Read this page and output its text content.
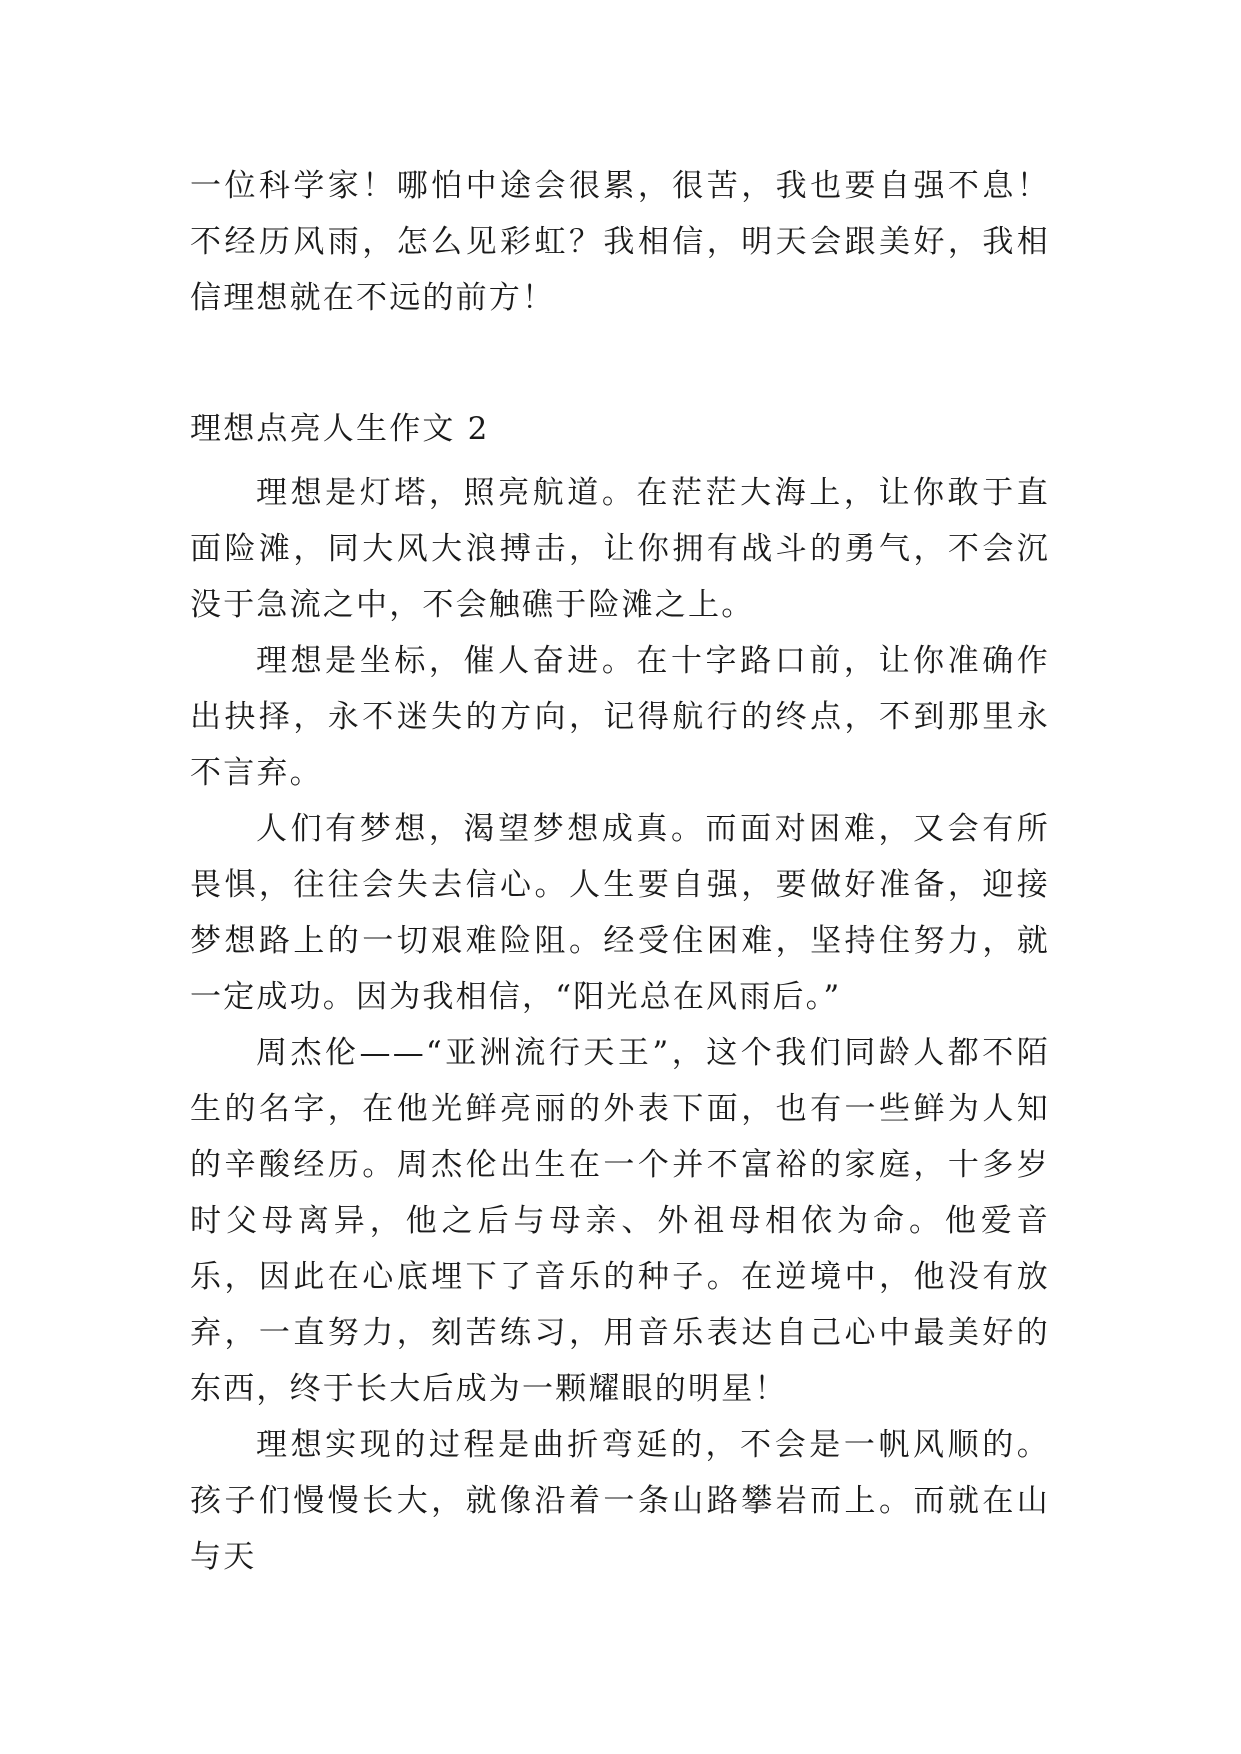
一位科学家！哪怕中途会很累，很苦，我也要自强不息！不经历风雨，怎么见彩虹？我相信，明天会跟美好，我相信理想就在不远的前方！

理想点亮人生作文 2

理想是灯塔，照亮航道。在茫茫大海上，让你敢于直面险滩，同大风大浪搏击，让你拥有战斗的勇气，不会沉没于急流之中，不会触礁于险滩之上。

理想是坐标，催人奋进。在十字路口前，让你准确作出抉择，永不迷失的方向，记得航行的终点，不到那里永不言弃。

人们有梦想，渴望梦想成真。而面对困难，又会有所畏惧，往往会失去信心。人生要自强，要做好准备，迎接梦想路上的一切艰难险阻。经受住困难，坚持住努力，就一定成功。因为我相信，“阳光总在风雨后。”

周杰伦——“亚洲流行天王”，这个我们同龄人都不陌生的名字，在他光鲜亮丽的外表下面，也有一些鲜为人知的辛酸经历。周杰伦出生在一个并不富裕的家庭，十多岁时父母离异，他之后与母亲、外祖母相依为命。他爱音乐，因此在心底埋下了音乐的种子。在逆境中，他没有放弃，一直努力，刻苦练习，用音乐表达自己心中最美好的东西，终于长大后成为一颗耀眼的明星！

理想实现的过程是曲折弯延的，不会是一帆风顺的。孩子们慢慢长大，就像沿着一条山路攀岩而上。而就在山与天
